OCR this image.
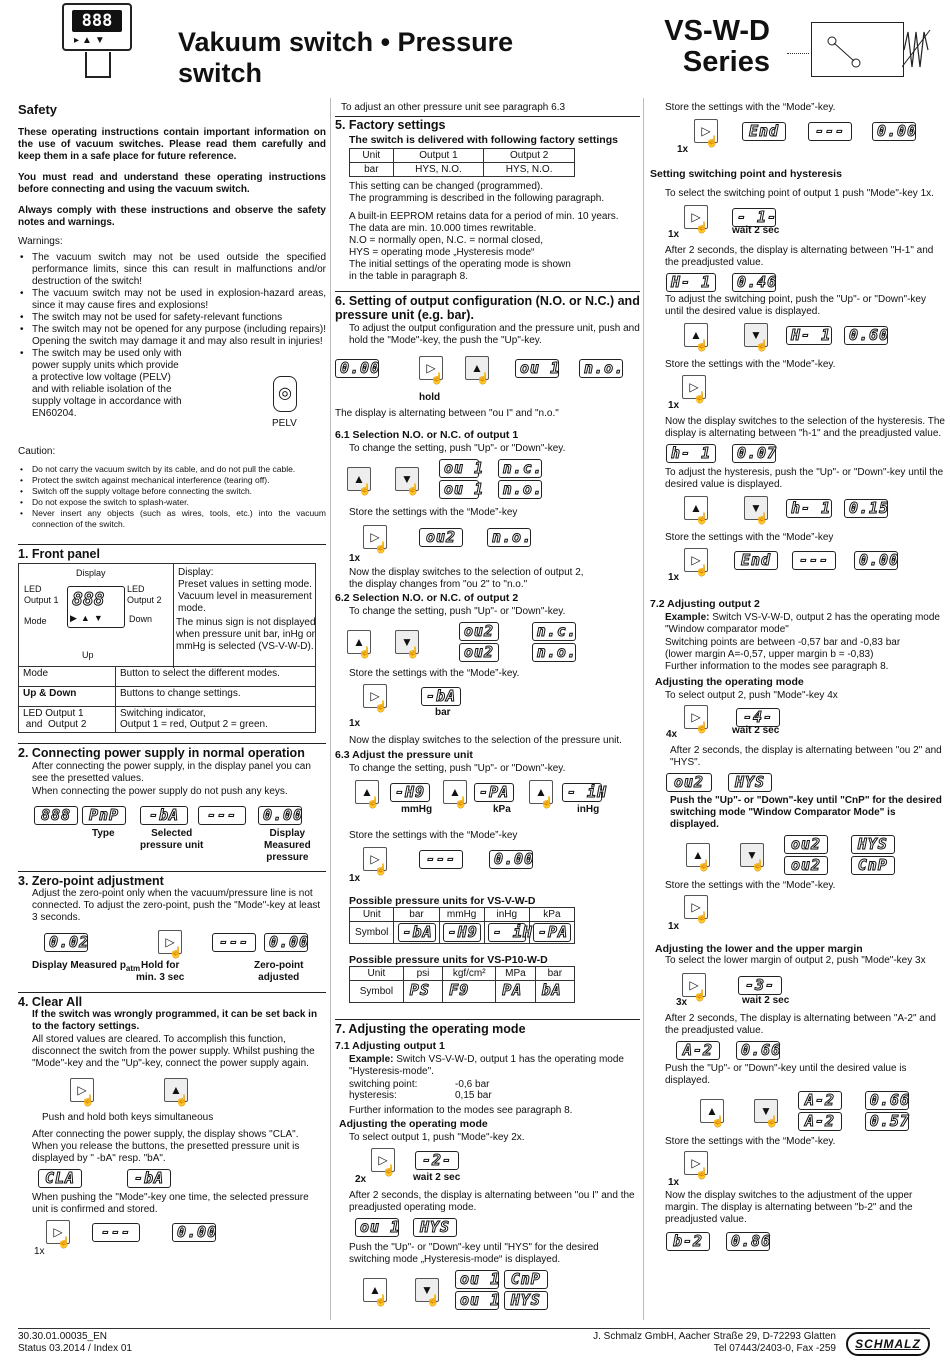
888
▸▲▼	Vakuum switch • Pressure
switch
VS-W-D
Series
Safety

These operating instructions contain important information on the use of vacuum switches. Please read them carefully and keep them in a safe place for future reference.

You must read and understand these operating instructions before connecting and using the vacuum switch.

Always comply with these instructions and observe the safety notes and warnings.

Warnings:

• The vacuum switch may not be used outside the specified performance limits, since this can result in malfunctions and/or destruction of the switch!
• The vacuum switch may not be used in explosion-hazard areas, since it may cause fires and explosions!
• The switch may not be used for safety-relevant functions
• The switch may not be opened for any purpose (including repairs)! Opening the switch may damage it and may also result in injuries!
• The switch may be used only with power supply units which provide a protective low voltage (PELV) and with reliable isolation of the supply voltage in accordance with EN60204.
◎
PELV

Caution:

• Do not carry the vacuum switch by its cable, and do not pull the cable.
• Protect the switch against mechanical interference (tearing off).
• Switch off the supply voltage before connecting the switch.
• Do not expose the switch to splash-water.
• Never insert any objects (such as wires, tools, etc.) into the vacuum connection of the switch.
1. Front panel
Display
LED
Output 1
LED
Output 2
888
▶▲▼
Mode	Down
Up
Display:
Preset values in setting mode. Vacuum level in measurement mode.
The minus sign is not displayed when pressure unit bar, inHg or mmHg is selected (VS-V-W-D).
Mode	Button to select the different modes.
Up & Down	Buttons to change settings.
LED Output 1
and  Output 2	Switching indicator,
Output 1 = red, Output 2 = green.
2. Connecting power supply in normal operation

After connecting the power supply, in the display panel you can see the presetted values.

When connecting the power supply do not push any keys.

888	PnP	-bA	---	0.00
Type	Selected
pressure unit
Display
Measured
pressure
3. Zero-point adjustment

Adjust the zero-point only when the vacuum/pressure line is not connected. To adjust the zero-point, push the "Mode"-key at least 3 seconds.

0.02	▷
☝
---	0.00
Display Measured $p_{atm}$ Hold for
min. 3 sec
Zero-point
adjusted
4. Clear All

If the switch was wrongly programmed, it can be set back in to the factory settings.

All stored values are cleared. To accomplish this function, disconnect the switch from the power supply. Whilst pushing the "Mode"-key and the "Up"-key, connect the power supply again.

▷
☝
▲
☝

Push and hold both keys simultaneous

After connecting the power supply, the display shows "CLA". When you release the buttons, the presetted pressure unit is displayed by " -bA" resp. "bA".

CLA	-bA

When pushing the "Mode"-key one time, the selected pressure unit is confirmed and stored.

▷
☝
---	0.00

1x

To adjust an other pressure unit see paragraph 6.3

5. Factory settings
The switch is delivered with following factory settings
Unit	Output 1	Output 2
bar	HYS, N.O.	HYS, N.O.

This setting can be changed (programmed).
The programming is described in the following paragraph.

A built-in EEPROM retains data for a period of min. 10 years.
The data are min. 10.000 times rewritable.
N.O = normally open, N.C. = normal closed,
HYS = operating mode „Hysteresis mode“
The initial settings of the operating mode is shown
in the table in paragraph 8.

6. Setting of output configuration (N.O. or N.C.) and pressure unit (e.g. bar).

To adjust the output configuration and the pressure unit, push and hold the "Mode"-key, the push the "Up"-key.

0.00	▷
☝
▲
☝
ou 1	n.o.
hold

The display is alternating between "ou I" and "n.o."

6.1 Selection N.O. or N.C. of output 1

To change the setting, push "Up"- or "Down"-key.

▲
☝
▼
☝
ou 1 n.c.
ou 1 n.o.

Store the settings with the “Mode”-key

▷
☝
ou2	n.o.

1x

Now the display switches to the selection of output 2,
the display changes from "ou 2" to "n.o."

6.2 Selection N.O. or N.C. of output 2

To change the setting, push "Up"- or "Down"-key.

▲
☝
▼
☝
ou2	n.c.
ou2	n.o.

Store the settings with the “Mode”-key.

▷
☝
-bA
bar

1x

Now the display switches to the selection of the pressure unit.

6.3 Adjust the pressure unit

To change the setting, push "Up"- or "Down"-key.

▲
☝
-H9	▲
☝
-PA	▲
☝
- iH
mmHg	kPa	inHg

Store the settings with the “Mode”-key

▷
☝
---	0.00

1x

Possible pressure units for VS-V-W-D
Unit	bar	mmHg	inHg	kPa
Symbol	-bA	-H9	- iH	-PA
Possible pressure units for VS-P10-W-D
Unit	psi	kgf/cm²	MPa	bar
Symbol	PS	F9	PA	bA
7. Adjusting the operating mode
7.1 Adjusting output 1

Example: Switch VS-V-W-D, output 1 has the operating mode "Hysteresis-mode".

switching point:	-0,6 bar
hysteresis:	0,15 bar

Further information to the modes see paragraph 8.

Adjusting the operating mode

To select output 1, push "Mode"-key 2x.

▷
☝
-2-
2x	wait 2 sec

After 2 seconds, the display is alternating between "ou I" and the preadjusted operating mode.

ou 1	HYS

Push the "Up"- or "Down"-key until "HYS" for the desired switching mode „Hysteresis-mode“ is displayed.

▲
☝
▼
☝
ou 1 CnP
ou 1 HYS

Store the settings with the “Mode”-key.

▷
☝
End	---	0.00

1x

Setting switching point and hysteresis

To select the switching point of output 1 push "Mode"-key 1x.

▷
☝
- 1-
1x	wait 2 sec

After 2 seconds, the display is alternating between "H-1" and the preadjusted value.

H- 1	0.46

To adjust the switching point, push the "Up"- or "Down"-key until the desired value is displayed.

▲
☝
▼
☝
H- 1	0.60

Store the settings with the “Mode”-key.

▷
☝

1x

Now the display switches to the selection of the hysteresis. The display is alternating between "h-1" and the preadjusted value.

h- 1	0.07

To adjust the hysteresis, push the "Up"- or "Down"-key until the desired value is displayed.

▲
☝
▼
☝
h- 1	0.15

Store the settings with the “Mode”-key

▷
☝
End	---	0.00

1x

7.2 Adjusting output 2

Example: Switch VS-V-W-D, output 2 has the operating mode "Window comparator mode"

Switching points are between -0,57 bar and -0,83 bar
(lower margin A=-0,57, upper margin b = -0,83)
Further information to the modes see paragraph 8.

Adjusting the operating mode

To select output 2, push "Mode"-key 4x

▷
☝
-4-
4x	wait 2 sec

After 2 seconds, the display is alternating between "ou 2" and "HYS".

ou2	HYS

Push the "Up"- or "Down"-key until "CnP" for the desired switching mode "Window Comparator Mode" is displayed.

▲
☝
▼
☝
ou2 HYS
ou2 CnP

Store the settings with the “Mode”-key.

▷
☝

1x

Adjusting the lower and the upper margin

To select the lower margin of output 2, push "Mode"-key 3x

▷
☝
-3-
3x	wait 2 sec

After 2 seconds, The display is alternating between "A-2" and the preadjusted value.

A-2	0.66

Push the "Up"- or "Down"-key until the desired value is displayed.

▲
☝
▼
☝
A-2 0.66
A-2 0.57

Store the settings with the “Mode”-key.

▷
☝

1x

Now the display switches to the adjustment of the upper margin. The display is alternating between "b-2" and the preadjusted value.

b-2	0.86
30.30.01.00035_EN
Status 03.2014 / Index 01
J. Schmalz GmbH, Aacher Straße 29, D-72293 Glatten
Tel 07443/2403-0, Fax -259	SCHMALZ
